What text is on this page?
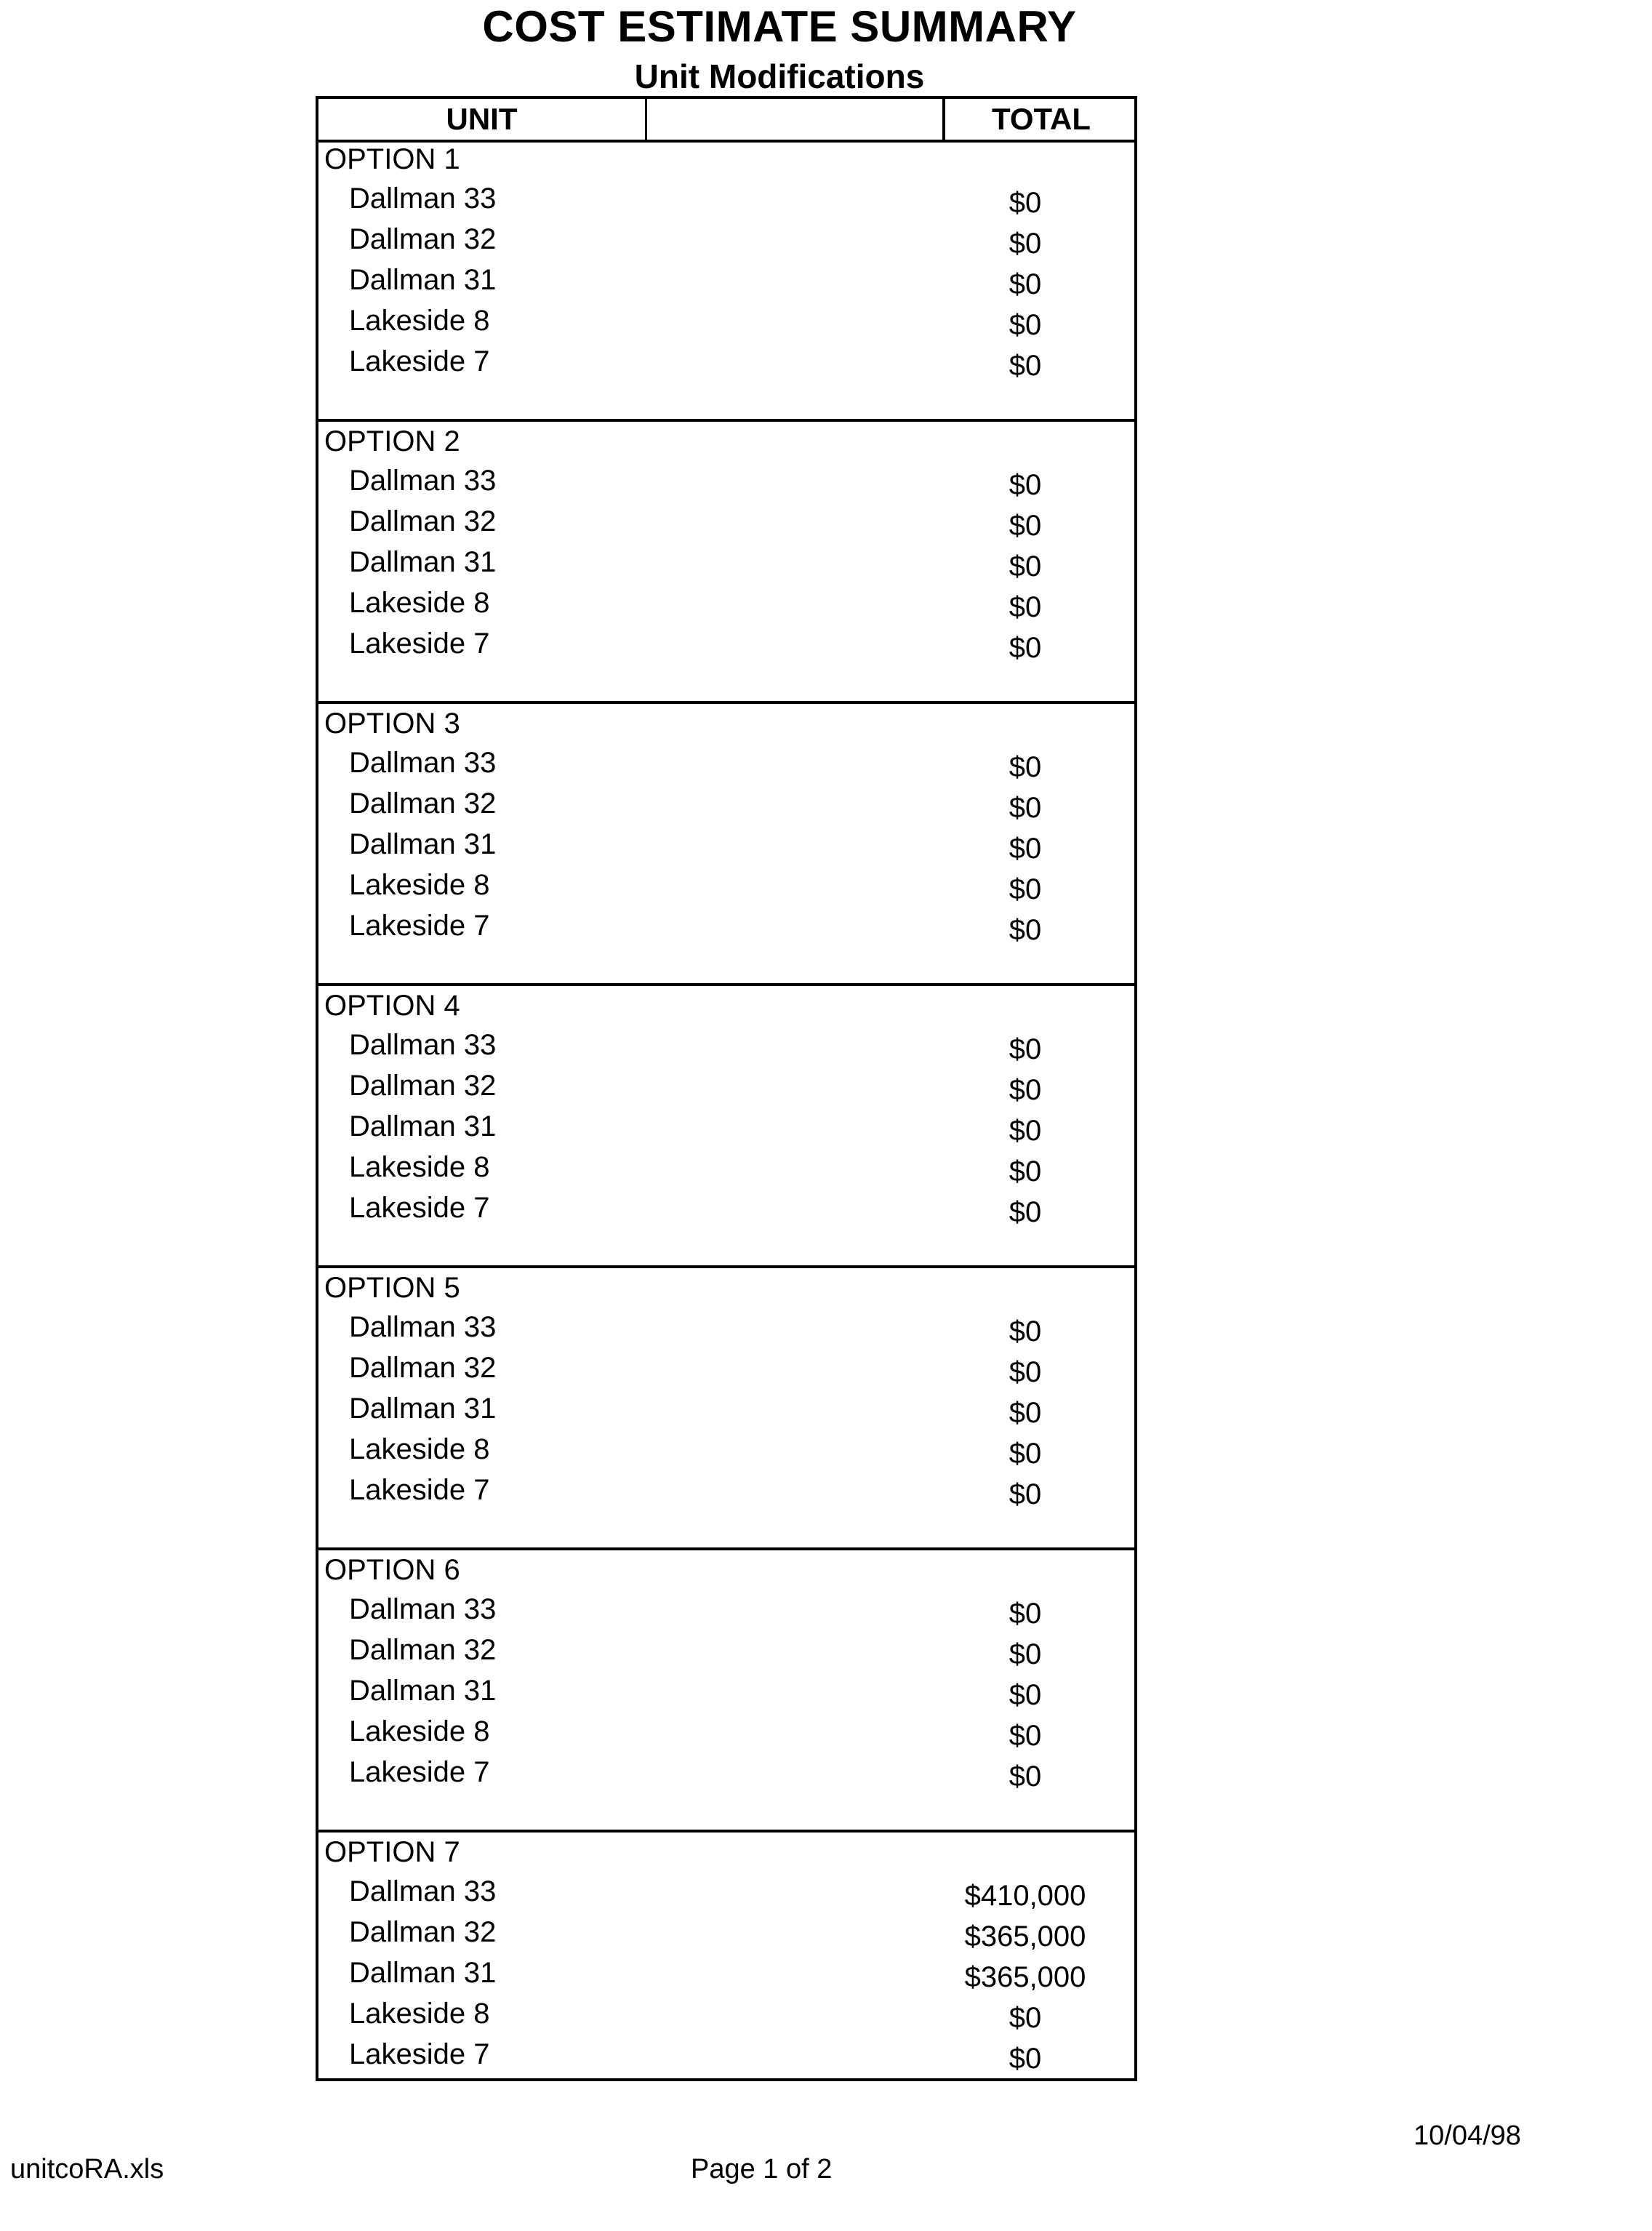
COST ESTIMATE SUMMARY
Unit Modifications
UNIT	TOTAL
OPTION 1
Dallman 33	$0
Dallman 32	$0
Dallman 31	$0
Lakeside 8	$0
Lakeside 7	$0
OPTION 2
Dallman 33	$0
Dallman 32	$0
Dallman 31	$0
Lakeside 8	$0
Lakeside 7	$0
OPTION 3
Dallman 33	$0
Dallman 32	$0
Dallman 31	$0
Lakeside 8	$0
Lakeside 7	$0
OPTION 4
Dallman 33	$0
Dallman 32	$0
Dallman 31	$0
Lakeside 8	$0
Lakeside 7	$0
OPTION 5
Dallman 33	$0
Dallman 32	$0
Dallman 31	$0
Lakeside 8	$0
Lakeside 7	$0
OPTION 6
Dallman 33	$0
Dallman 32	$0
Dallman 31	$0
Lakeside 8	$0
Lakeside 7	$0
OPTION 7
Dallman 33	$410,000
Dallman 32	$365,000
Dallman 31	$365,000
Lakeside 8	$0
Lakeside 7	$0
unitcoRA.xls	Page 1 of 2
10/04/98
